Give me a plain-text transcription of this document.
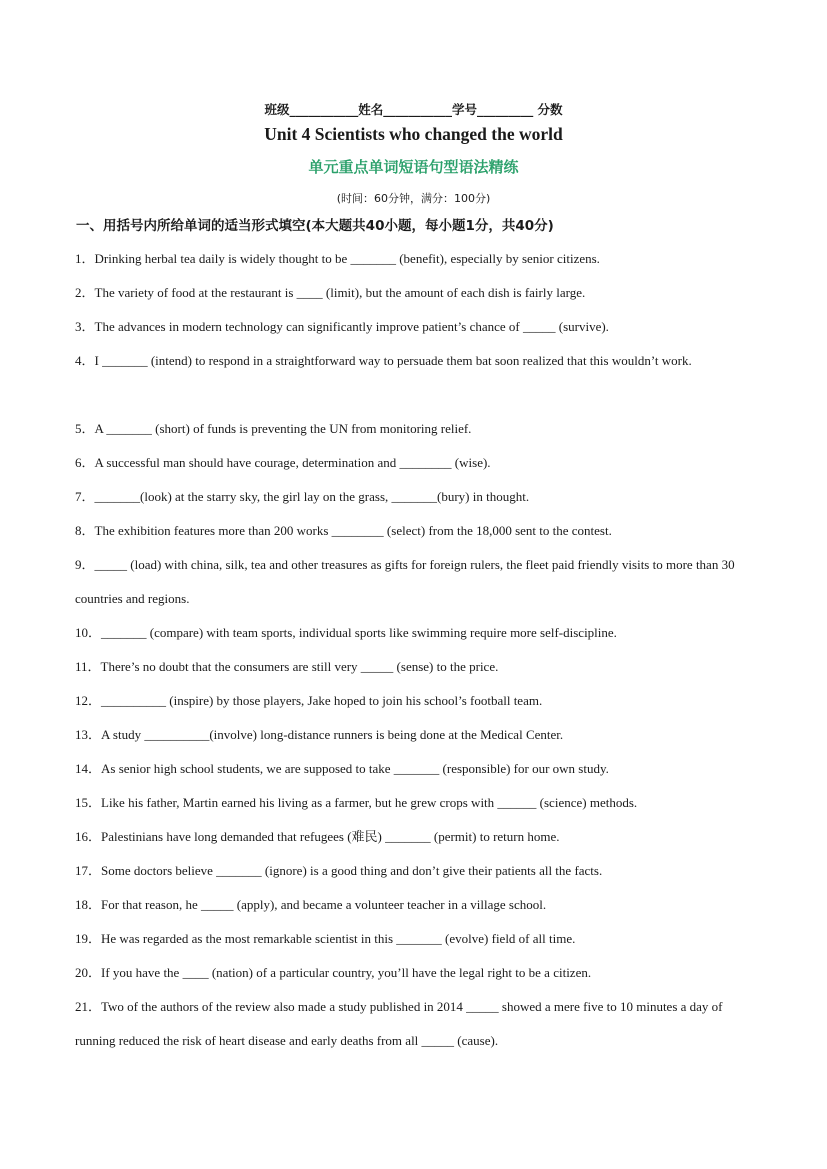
班级___________姓名___________学号_________ 分数
Unit 4 Scientists who changed the world
单元重点单词短语句型语法精练
(时间：60分钟，满分：100分)
一、用括号内所给单词的适当形式填空(本大题共40小题，每小题1分，共40分)
1．Drinking herbal tea daily is widely thought to be _______ (benefit), especially by senior citizens.
2．The variety of food at the restaurant is ____ (limit), but the amount of each dish is fairly large.
3．The advances in modern technology can significantly improve patient’s chance of _____ (survive).
4．I _______ (intend) to respond in a straightforward way to persuade them bat soon realized that this wouldn’t work.
5．A _______ (short) of funds is preventing the UN from monitoring relief.
6．A successful man should have courage, determination and ________ (wise).
7．_______(look) at the starry sky, the girl lay on the grass, _______(bury) in thought.
8．The exhibition features more than 200 works ________ (select) from the 18,000 sent to the contest.
9．_____ (load) with china, silk, tea and other treasures as gifts for foreign rulers, the fleet paid friendly visits to more than 30 countries and regions.
10．_______ (compare) with team sports, individual sports like swimming require more self-discipline.
11．There’s no doubt that the consumers are still very _____ (sense) to the price.
12．__________ (inspire) by those players, Jake hoped to join his school’s football team.
13．A study __________(involve) long-distance runners is being done at the Medical Center.
14．As senior high school students, we are supposed to take _______ (responsible) for our own study.
15．Like his father, Martin earned his living as a farmer, but he grew crops with ______ (science) methods.
16．Palestinians have long demanded that refugees (难民) _______ (permit) to return home.
17．Some doctors believe _______ (ignore) is a good thing and don’t give their patients all the facts.
18．For that reason, he _____ (apply), and became a volunteer teacher in a village school.
19．He was regarded as the most remarkable scientist in this _______ (evolve) field of all time.
20．If you have the ____ (nation) of a particular country, you’ll have the legal right to be a citizen.
21．Two of the authors of the review also made a study published in 2014 _____ showed a mere five to 10 minutes a day of running reduced the risk of heart disease and early deaths from all _____ (cause).
